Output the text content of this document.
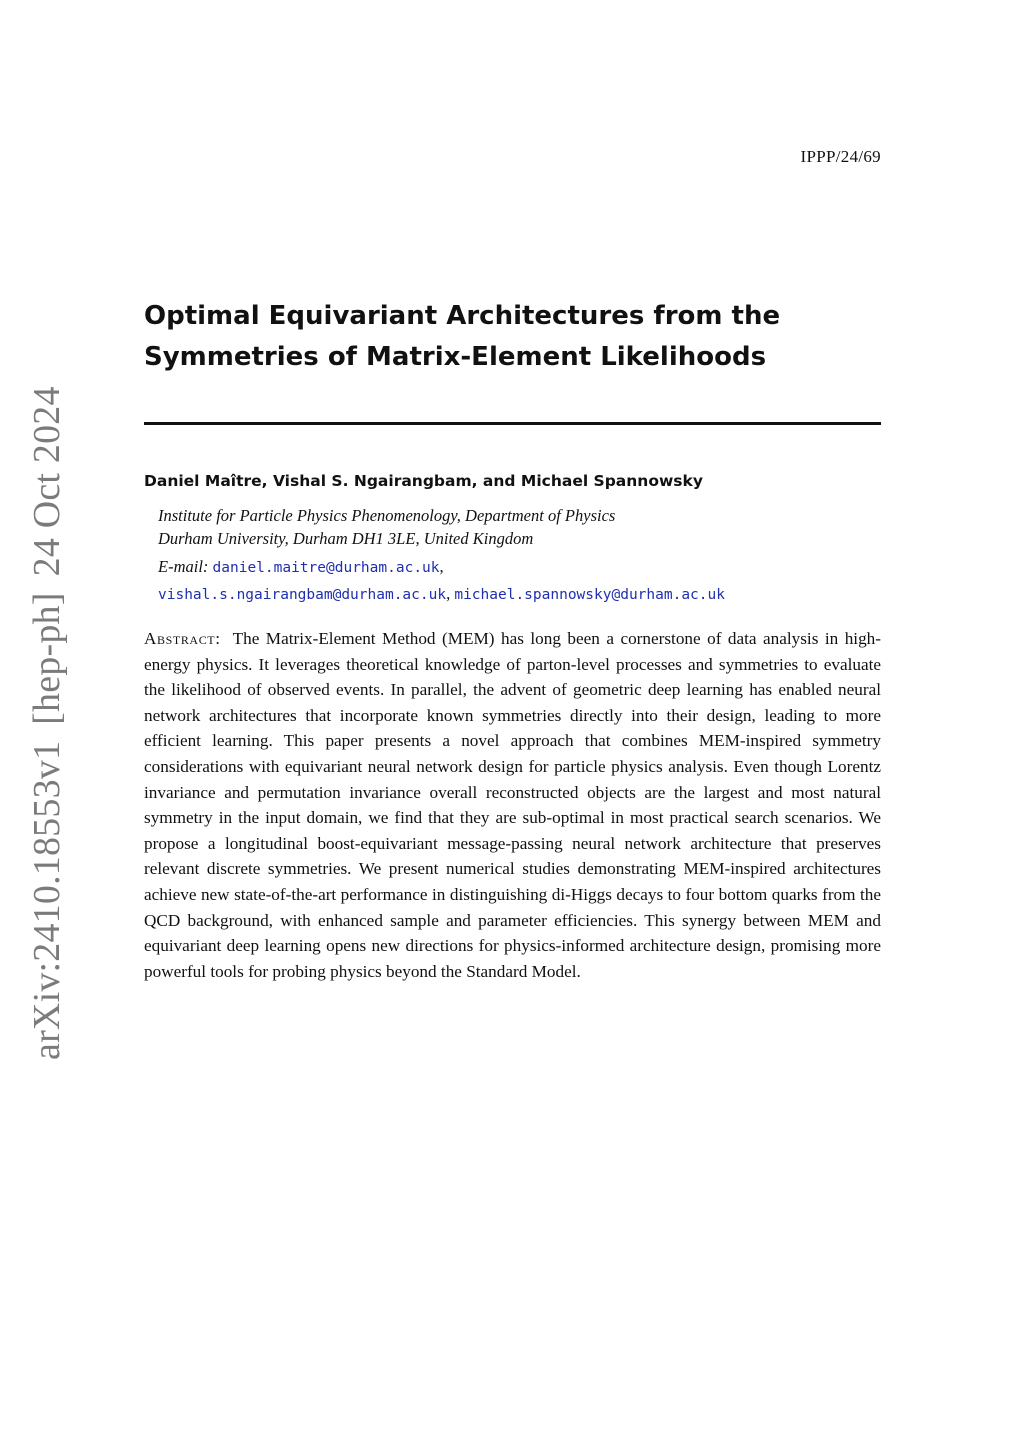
IPPP/24/69
arXiv:2410.18553v1[hep-ph]24 Oct 2024
Optimal Equivariant Architectures from the
Symmetries of Matrix-Element Likelihoods
Daniel Maître, Vishal S. Ngairangbam, and Michael Spannowsky
Institute for Particle Physics Phenomenology, Department of Physics
Durham University, Durham DH1 3LE, United Kingdom
E-mail: daniel.maitre@durham.ac.uk,
vishal.s.ngairangbam@durham.ac.uk, michael.spannowsky@durham.ac.uk

Abstract: The Matrix-Element Method (MEM) has long been a cornerstone of data analysis in high-energy physics. It leverages theoretical knowledge of parton-level processes and symmetries to evaluate the likelihood of observed events. In parallel, the advent of geometric deep learning has enabled neural network architectures that incorporate known symmetries directly into their design, leading to more efficient learning. This paper presents a novel approach that combines MEM-inspired symmetry considerations with equivariant neural network design for particle physics analysis. Even though Lorentz invariance and permutation invariance overall reconstructed objects are the largest and most natural symmetry in the input domain, we find that they are sub-optimal in most practical search scenarios. We propose a longitudinal boost-equivariant message-passing neural network architecture that preserves relevant discrete symmetries. We present numerical studies demonstrating MEM-inspired architectures achieve new state-of-the-art performance in distinguishing di-Higgs decays to four bottom quarks from the QCD background, with enhanced sample and parameter efficiencies. This synergy between MEM and equivariant deep learning opens new directions for physics-informed architecture design, promising more powerful tools for probing physics beyond the Standard Model.
